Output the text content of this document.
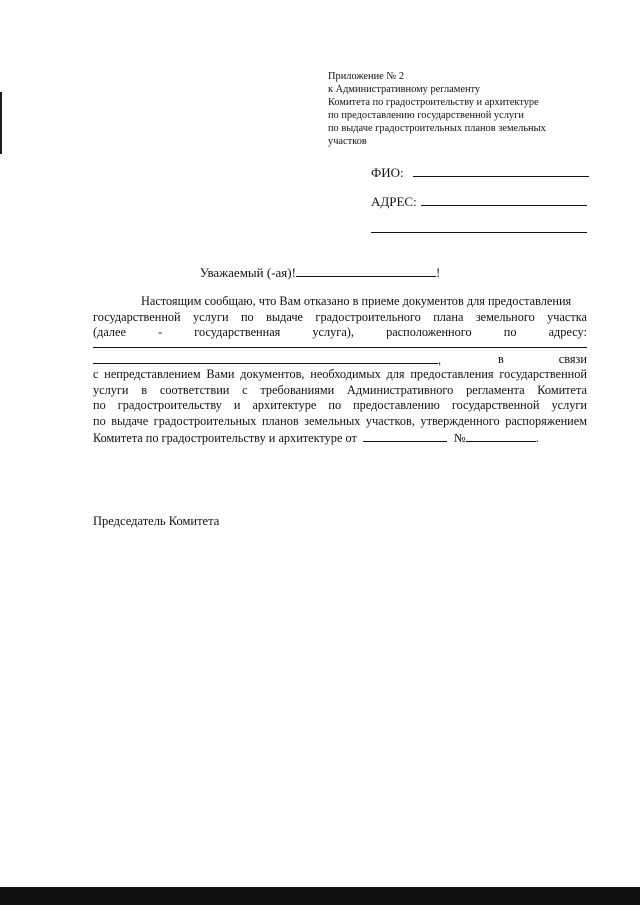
Приложение № 2
к Административному регламенту
Комитета по градостроительству и архитектуре
по предоставлению государственной услуги
по выдаче градостроительных планов земельных
участков
ФИО:
АДРЕС:
Уважаемый (-ая)!	!
Настоящим сообщаю, что Вам отказано в приеме документов для предоставления
государственной услуги по выдаче градостроительного плана земельного участка
(далее	-	государственная	услуга),	расположенного	по	адресу:
,	в	связи
с непредставлением Вами документов, необходимых для предоставления государственной
услуги в соответствии с требованиями Административного регламента Комитета
по градостроительству и архитектуре по предоставлению государственной услуги
по выдаче градостроительных планов земельных участков, утвержденного распоряжением
Комитета по градостроительству и архитектуре от	№	.
Председатель Комитета
